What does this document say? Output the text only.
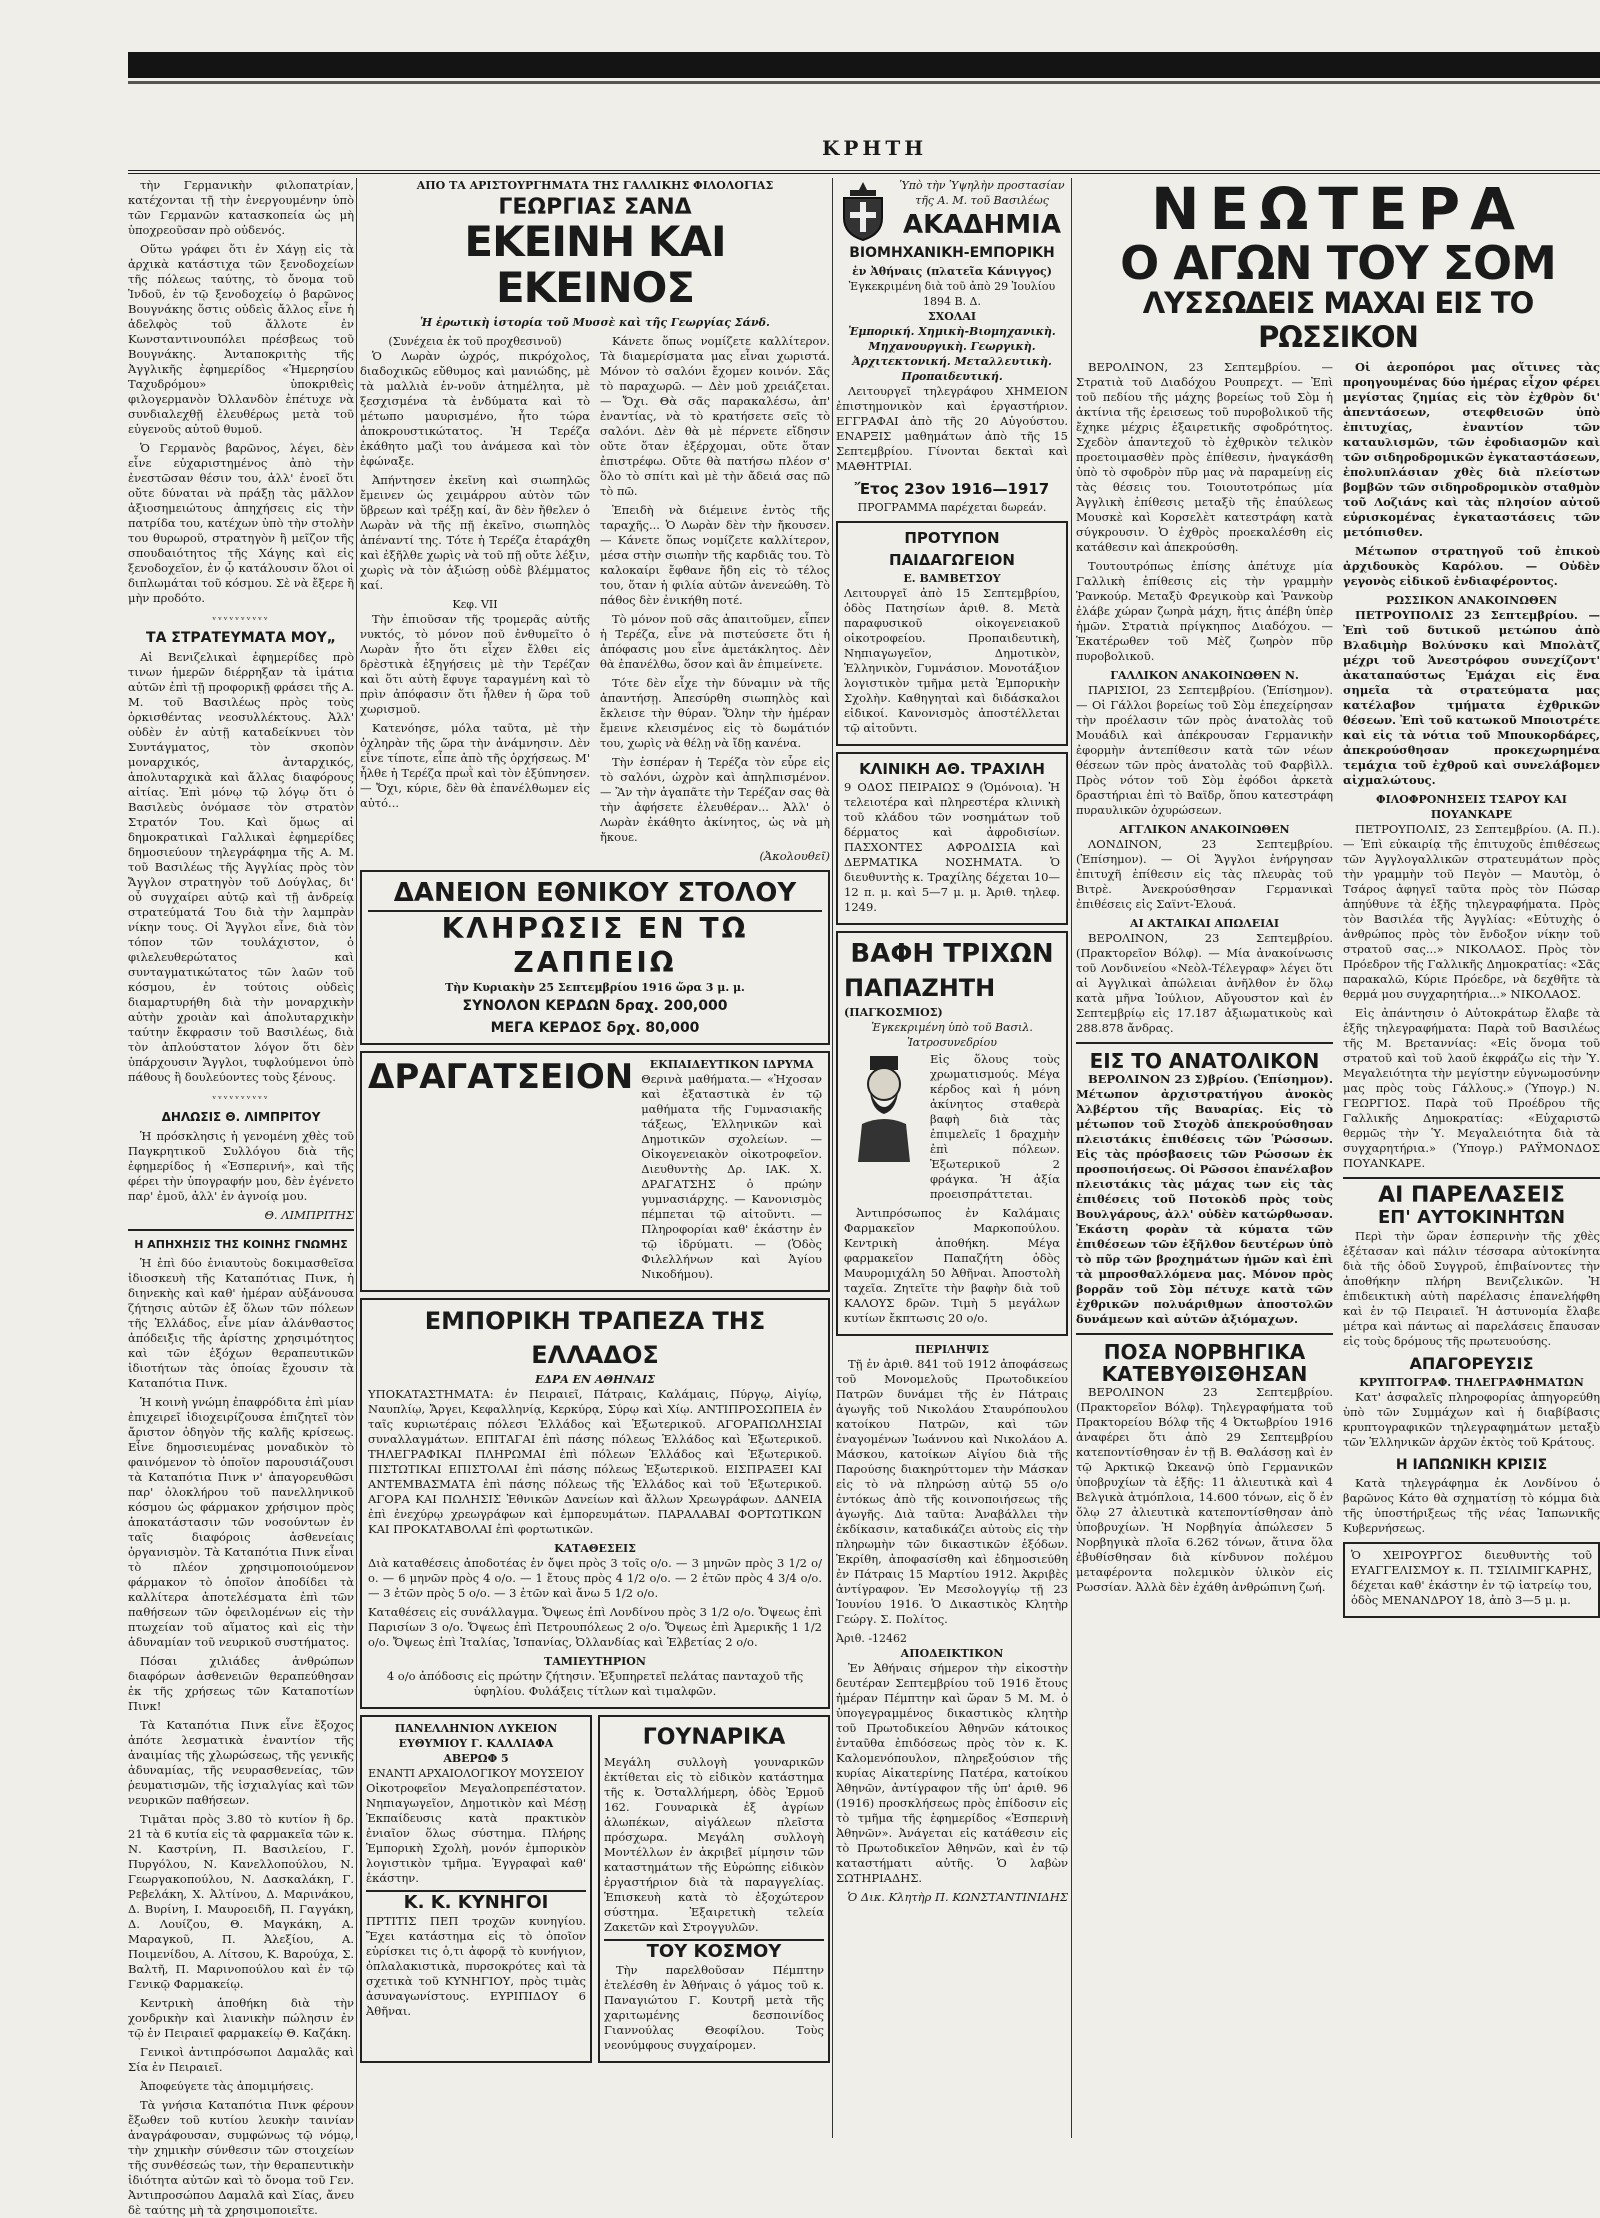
ΚΡΗΤΗ

τὴν Γερμανικὴν φιλοπατρίαν, κατέχονται τῇ τὴν ἐνεργουμένην ὑπὸ τῶν Γερμανῶν κατασκοπεία ὡς μὴ ὑποχρεοῦσαν πρὸ οὐδενός.

Οὕτω γράφει ὅτι ἐν Χάγῃ εἰς τὰ ἀρχικὰ κατάστιχα τῶν ξενοδοχείων τῆς πόλεως ταύτης, τὸ ὄνομα τοῦ Ἰνδοῦ, ἐν τῷ ξενοδοχείῳ ὁ βαρῶνος Βουγνάκης ὅστις οὐδεὶς ἄλλος εἶνε ἡ ἀδελφὸς τοῦ ἄλλοτε ἐν Κωνσταντινουπόλει πρέσβεως τοῦ Βουγνάκης. Ἀνταποκριτὴς τῆς Ἀγγλικῆς ἐφημερίδος «Ἡμερησίου Ταχυδρόμου» ὑποκριθεὶς φιλογερμανὸν Ὀλλανδὸν ἐπέτυχε νὰ συνδιαλεχθῇ ἐλευθέρως μετὰ τοῦ εὐγενοῦς αὐτοῦ θυμοῦ.

Ὁ Γερμανὸς βαρῶνος, λέγει, δὲν εἶνε εὐχαριστημένος ἀπὸ τὴν ἐνεστῶσαν θέσιν του, ἀλλ' ἐνοεῖ ὅτι οὔτε δύναται νὰ πράξῃ τὰς μᾶλλον ἀξιοσημειώτους ἀπηχήσεις εἰς τὴν πατρίδα του, κατέχων ὑπὸ τὴν στολὴν του θυρωροῦ, στρατηγὸν ἢ μεῖζον τῆς σπουδαιότητος τῆς Χάγης καὶ εἰς ξενοδοχεῖον, ἐν ᾧ κατάλουσιν ὅλοι οἱ διπλωμάται τοῦ κόσμου. Σὲ νὰ ἔξερε ἢ μὴν προδότο.

ᵥᵥᵥᵥᵥᵥᵥᵥᵥᵥ
ΤΑ ΣΤΡΑΤΕΥΜΑΤΑ ΜΟΥ„

Αἱ Βενιζελικαὶ ἐφημερίδες πρὸ τινων ἡμερῶν διέρρηξαν τὰ ἱμάτια αὐτῶν ἐπὶ τῇ προφορικῇ φράσει τῆς Α. Μ. τοῦ Βασιλέως πρὸς τοὺς ὁρκισθέντας νεοσυλλέκτους. Ἀλλ' οὐδὲν ἐν αὐτῇ καταδείκνυει τὸν Συντάγματος, τὸν σκοπὸν μοναρχικός, ἀνταρχικός, ἀπολυταρχικὰ καὶ ἄλλας διαφόρους αἰτίας. Ἐπὶ μόνῳ τῷ λόγῳ ὅτι ὁ Βασιλεὺς ὀνόμασε τὸν στρατὸν Στρατόν Του. Καὶ ὅμως αἱ δημοκρατικαὶ Γαλλικαὶ ἐφημερίδες δημοσιεύουν τηλεγράφημα τῆς Α. Μ. τοῦ Βασιλέως τῆς Ἀγγλίας πρὸς τὸν Ἄγγλον στρατηγὸν τοῦ Δούγλας, δι' οὗ συγχαίρει αὐτῷ καὶ τῇ ἀνδρείᾳ στρατεύματά Του διὰ τὴν λαμπρὰν νίκην τους. Οἱ Ἄγγλοι εἶνε, διὰ τὸν τόπον τῶν τουλάχιστον, ὁ φιλελευθερώτατος καὶ συνταγματικώτατος τῶν λαῶν τοῦ κόσμου, ἐν τούτοις οὐδεὶς διαμαρτυρήθη διὰ τὴν μοναρχικὴν αὐτὴν χροιὰν καὶ ἀπολυταρχικὴν ταύτην ἔκφρασιν τοῦ Βασιλέως, διὰ τὸν ἀπλούστατον λόγον ὅτι δὲν ὑπάρχουσιν Ἄγγλοι, τυφλούμενοι ὑπὸ πάθους ἢ δουλεύοντες τοὺς ξένους.

ᵥᵥᵥᵥᵥᵥᵥᵥᵥᵥ
ΔΗΛΩΣΙΣ Θ. ΛΙΜΠΡΙΤΟΥ

Ἡ πρόσκλησις ἡ γενομένη χθὲς τοῦ Παγκρητικοῦ Συλλόγου διὰ τῆς ἐφημερίδος ἡ «Ἑσπερινή», καὶ τῆς φέρει τὴν ὑπογραφήν μου, δὲν ἐγένετο παρ' ἐμοῦ, ἀλλ' ἐν ἀγνοίᾳ μου.

Θ. ΛΙΜΠΡΙΤΗΣ
Η ΑΠΗΧΗΣΙΣ ΤΗΣ ΚΟΙΝΗΣ ΓΝΩΜΗΣ

Ἡ ἐπὶ δύο ἐνιαυτοὺς δοκιμασθεῖσα ἰδιοσκευὴ τῆς Καταπότιας Πινκ, ἡ διηνεκὴς καὶ καθ' ἡμέραν αὐξάνουσα ζήτησις αὐτῶν ἐξ ὅλων τῶν πόλεων τῆς Ἑλλάδος, εἶνε μίαν ἀλάνθαστος ἀπόδειξις τῆς ἀρίστης χρησιμότητος καὶ τῶν ἐξόχων θεραπευτικῶν ἰδιοτήτων τὰς ὁποίας ἔχουσιν τὰ Καταπότια Πινκ.

Ἡ κοινὴ γνώμη ἐπαφρόδιτα ἐπὶ μίαν ἐπιχειρεῖ ἰδιοχειρίζουσα ἐπιζητεῖ τὸν ἄριστον ὁδηγὸν τῆς καλῆς κρίσεως. Εἶνε δημοσιευμένας μοναδικὸν τὸ φαινόμενον τὸ ὁποῖον παρουσιάζουσι τὰ Καταπότια Πινκ ν' ἀπαγορευθῶσι παρ' ὁλοκλήρου τοῦ πανελληνικοῦ κόσμου ὡς φάρμακον χρήσιμον πρὸς ἀποκατάστασιν τῶν νοσούντων ἐν ταῖς διαφόροις ἀσθενείαις ὀργανισμὸν. Τὰ Καταπότια Πινκ εἶναι τὸ πλέον χρησιμοποιούμενον φάρμακον τὸ ὁποῖον ἀποδίδει τὰ καλλίτερα ἀποτελέσματα ἐπὶ τῶν παθήσεων τῶν ὀφειλομένων εἰς τὴν πτωχείαν τοῦ αἵματος καὶ εἰς τὴν ἀδυναμίαν τοῦ νευρικοῦ συστήματος.

Πόσαι χιλιάδες ἀνθρώπων διαφόρων ἀσθενειῶν θεραπεύθησαν ἐκ τῆς χρήσεως τῶν Καταποτίων Πινκ!

Τὰ Καταπότια Πινκ εἶνε ἔξοχος ἀπότε λεσματικὰ ἐναντίον τῆς ἀναιμίας τῆς χλωρώσεως, τῆς γενικῆς ἀδυναμίας, τῆς νευρασθενείας, τῶν ῥευματισμῶν, τῆς ἰσχιαλγίας καὶ τῶν νευρικῶν παθήσεων.

Τιμᾶται πρὸς 3.80 τὸ κυτίον ἢ δρ. 21 τὰ 6 κυτία εἰς τὰ φαρμακεῖα τῶν κ. Ν. Καστρίνη, Π. Βασιλείου, Γ. Πυργόλου, Ν. Κανελλοπούλου, Ν. Γεωργακοπούλου, Ν. Δασκαλάκη, Γ. Ρεβελάκη, Χ. Ἀλτίνου, Δ. Μαρινάκου, Δ. Βυρίνη, Ι. Μαυροειδῆ, Π. Γαγγάκη, Δ. Λουίζου, Θ. Μαγκάκη, Α. Μαραγκοῦ, Π. Ἀλεξίου, Α. Ποιμενίδου, Α. Λίτσου, Κ. Βαρούχα, Σ. Βαλτῆ, Π. Μαρινοπούλου καὶ ἐν τῷ Γενικῷ Φαρμακείῳ.

Κεντρικὴ ἀποθήκη διὰ τὴν χονδρικὴν καὶ λιανικὴν πώλησιν ἐν τῷ ἐν Πειραιεῖ φαρμακείῳ Θ. Καζάκη.

Γενικοὶ ἀντιπρόσωποι Δαμαλᾶς καὶ Σία ἐν Πειραιεῖ.

Ἀποφεύγετε τὰς ἀπομιμήσεις.

Τὰ γνήσια Καταπότια Πινκ φέρουν ἔξωθεν τοῦ κυτίου λευκὴν ταινίαν ἀναγράφουσαν, συμφώνως τῷ νόμῳ, τὴν χημικὴν σύνθεσιν τῶν στοιχείων τῆς συνθέσεώς των, τὴν θεραπευτικὴν ἰδιότητα αὐτῶν καὶ τὸ ὄνομα τοῦ Γεν. Ἀντιπροσώπου Δαμαλᾶ καὶ Σίας, ἄνευ δὲ ταύτης μὴ τὰ χρησιμοποιεῖτε.

ΑΠΟ ΤΑ ΑΡΙΣΤΟΥΡΓΗΜΑΤΑ ΤΗΣ ΓΑΛΛΙΚΗΣ ΦΙΛΟΛΟΓΙΑΣ
ΓΕΩΡΓΙΑΣ ΣΑΝΔ
ΕΚΕΙΝΗ ΚΑΙ ΕΚΕΙΝΟΣ
Ἡ ἐρωτικὴ ἱστορία τοῦ Μυσσὲ καὶ τῆς Γεωργίας Σάνδ.
(Συνέχεια ἐκ τοῦ προχθεσινοῦ)

Ὁ Λωρὰν ὠχρός, πικρόχολος, διαδοχικῶς εὔθυμος καὶ μανιώδης, μὲ τὰ μαλλιὰ ἐν-νοῦν ἀτημέλητα, μὲ ξεσχισμένα τὰ ἐνδύματα καὶ τὸ μέτωπο μαυρισμένο, ἦτο τώρα ἀποκρουστικώτατος. Ἡ Τερέζα ἐκάθητο μαζὶ του ἀνάμεσα καὶ τὸν ἐφώναξε.

Ἀπήντησεν ἐκεῖνη καὶ σιωπηλῶς ἔμεινεν ὡς χειμάρρου αὐτὸν τῶν ὕβρεων καὶ τρέξῃ καί, ἂν δὲν ἤθελεν ὁ Λωρὰν νὰ τῆς πῇ ἐκεῖνο, σιωπηλὸς ἀπέναντί της. Τότε ἡ Τερέζα ἐταράχθη καὶ ἐξῆλθε χωρὶς νὰ τοῦ πῇ οὔτε λέξιν, χωρὶς νὰ τὸν ἀξιώσῃ οὐδὲ βλέμματος καί.

Κεφ. VII

Τὴν ἐπιοῦσαν τῆς τρομερᾶς αὐτῆς νυκτός, τὸ μόνον ποῦ ἐνθυμεῖτο ὁ Λωρὰν ἦτο ὅτι εἶχεν ἔλθει εἰς δρὲστικὰ ἐξηγήσεις μὲ τὴν Τερέζαν καὶ ὅτι αὐτὴ ἔφυγε ταραγμένη καὶ τὸ πρὶν ἀπόφασιν ὅτι ἦλθεν ἡ ὥρα τοῦ χωρισμοῦ.

Κατενόησε, μόλα ταῦτα, μὲ τὴν ὀχληρὰν τῆς ὥρα τὴν ἀνάμνησιν. Δὲν εἶνε τίποτε, εἶπε ἀπὸ τῆς ὀρχήσεως. Μ' ἦλθε ἡ Τερέζα πρωῒ καὶ τὸν ἐξύπνησεν. — Ὄχι, κύριε, δὲν θὰ ἐπανέλθωμεν εἰς αὐτό...

Κάνετε ὅπως νομίζετε καλλίτερον. Τὰ διαμερίσματα μας εἶναι χωριστά. Μόνον τὸ σαλόνι ἔχομεν κοινόν. Σᾶς τὸ παραχωρῶ. — Δὲν μοῦ χρειάζεται. — Ὄχι. Θὰ σᾶς παρακαλέσω, ἀπ' ἐναντίας, νὰ τὸ κρατήσετε σεῖς τὸ σαλόνι. Δὲν θὰ μὲ πέρνετε εἴδησιν οὔτε ὅταν ἐξέρχομαι, οὔτε ὅταν ἐπιστρέφω. Οὔτε θὰ πατήσω πλέον σ' ὅλο τὸ σπίτι καὶ μὲ τὴν ἄδειά σας πῶ τὸ πῶ.

Ἐπειδὴ νὰ διέμεινε ἐντὸς τῆς ταραχῆς... Ὁ Λωρὰν δὲν τὴν ἤκουσεν. — Κάνετε ὅπως νομίζετε καλλίτερον, μέσα στὴν σιωπὴν τῆς καρδιᾶς του. Τὸ καλοκαίρι ἔφθανε ἤδη εἰς τὸ τέλος του, ὅταν ἡ φιλία αὐτῶν ἀνενεώθη. Τὸ πάθος δὲν ἐνικήθη ποτέ.

Τὸ μόνον ποῦ σᾶς ἀπαιτοῦμεν, εἶπεν ἡ Τερέζα, εἶνε νὰ πιστεύσετε ὅτι ἡ ἀπόφασις μου εἶνε ἀμετάκλητος. Δὲν θὰ ἐπανέλθω, ὅσον καὶ ἂν ἐπιμείνετε.

Τότε δὲν εἶχε τὴν δύναμιν νὰ τῆς ἀπαντήσῃ. Ἀπεσύρθη σιωπηλὸς καὶ ἔκλεισε τὴν θύραν. Ὅλην τὴν ἡμέραν ἔμεινε κλεισμένος εἰς τὸ δωμάτιόν του, χωρὶς νὰ θέλῃ νὰ ἴδῃ κανένα.

Τὴν ἑσπέραν ἡ Τερέζα τὸν εὗρε εἰς τὸ σαλόνι, ὠχρὸν καὶ ἀπηλπισμένον. — Ἂν τὴν ἀγαπᾶτε τὴν Τερέζαν σας θὰ τὴν ἀφήσετε ἐλευθέραν... Ἀλλ' ὁ Λωρὰν ἐκάθητο ἀκίνητος, ὡς νὰ μὴ ἤκουε.

(Ἀκολουθεῖ)
ΔΑΝΕΙΟΝ ΕΘΝΙΚΟΥ ΣΤΟΛΟΥ
ΚΛΗΡΩΣΙΣ ΕΝ ΤΩ ΖΑΠΠΕΙΩ
Τὴν Κυριακὴν 25 Σεπτεμβρίου 1916 ὥρα 3 μ. μ.
ΣΥΝΟΛΟΝ ΚΕΡΔΩΝ δραχ. 200,000
ΜΕΓΑ ΚΕΡΔΟΣ δρχ. 80,000
ΔΡΑΓΑΤΣΕΙΟΝ	ΕΚΠΑΙΔΕΥΤΙΚΟΝ ΙΔΡΥΜΑ

Θερινὰ μαθήματα.— «Ἠχοσαν καὶ ἐξαταστικὰ ἐν τῷ μαθήματα τῆς Γυμνασιακῆς τάξεως, Ἑλληνικῶν καὶ Δημοτικῶν σχολείων. — Οἰκογενειακὸν οἰκοτροφεῖον. Διευθυντὴς Δρ. ΙΑΚ. Χ. ΔΡΑΓΑΤΣΗΣ ὁ πρώην γυμνασιάρχης. — Κανονισμὸς πέμπεται τῷ αἰτοῦντι. — Πληροφορίαι καθ' ἑκάστην ἐν τῷ ἰδρύματι. — (Ὁδὸς Φιλελλήνων καὶ Ἀγίου Νικοδήμου).

ΕΜΠΟΡΙΚΗ ΤΡΑΠΕΖΑ ΤΗΣ ΕΛΛΑΔΟΣ
ΕΔΡΑ ΕΝ ΑΘΗΝΑΙΣ

ΥΠΟΚΑΤΑΣΤΗΜΑΤΑ: ἐν Πειραιεῖ, Πάτραις, Καλάμαις, Πύργῳ, Αἰγίῳ, Ναυπλίῳ, Ἄργει, Κεφαλληνίᾳ, Κερκύρᾳ, Σύρῳ καὶ Χίῳ. ΑΝΤΙΠΡΟΣΩΠΕΙΑ ἐν ταῖς κυριωτέραις πόλεσι Ἑλλάδος καὶ Ἐξωτερικοῦ. ΑΓΟΡΑΠΩΛΗΣΙΑΙ συναλλαγμάτων. ΕΠΙΤΑΓΑΙ ἐπὶ πάσης πόλεως Ἑλλάδος καὶ Ἐξωτερικοῦ. ΤΗΛΕΓΡΑΦΙΚΑΙ ΠΛΗΡΩΜΑΙ ἐπὶ πόλεων Ἑλλάδος καὶ Ἐξωτερικοῦ. ΠΙΣΤΩΤΙΚΑΙ ΕΠΙΣΤΟΛΑΙ ἐπὶ πάσης πόλεως Ἐξωτερικοῦ. ΕΙΣΠΡΑΞΕΙ ΚΑΙ ΑΝΤΕΜΒΑΣΜΑΤΑ ἐπὶ πάσης πόλεως τῆς Ἑλλάδος καὶ τοῦ Ἐξωτερικοῦ. ΑΓΟΡΑ ΚΑΙ ΠΩΛΗΣΙΣ Ἐθνικῶν Δανείων καὶ ἄλλων Χρεωγράφων. ΔΑΝΕΙΑ ἐπὶ ἐνεχύρῳ χρεωγράφων καὶ ἐμπορευμάτων. ΠΑΡΑΛΑΒΑΙ ΦΟΡΤΩΤΙΚΩΝ ΚΑΙ ΠΡΟΚΑΤΑΒΟΛΑΙ ἐπὶ φορτωτικῶν.

ΚΑΤΑΘΕΣΕΙΣ

Διὰ καταθέσεις ἀποδοτέας ἐν ὄψει πρὸς 3 τοῖς ο/ο. — 3 μηνῶν πρὸς 3 1/2 ο/ο. — 6 μηνῶν πρὸς 4 ο/ο. — 1 ἔτους πρὸς 4 1/2 ο/ο. — 2 ἐτῶν πρὸς 4 3/4 ο/ο. — 3 ἐτῶν πρὸς 5 ο/ο. — 3 ἐτῶν καὶ ἄνω 5 1/2 ο/ο.

Καταθέσεις εἰς συνάλλαγμα. Ὄψεως ἐπὶ Λονδίνου πρὸς 3 1/2 ο/ο. Ὄψεως ἐπὶ Παρισίων 3 ο/ο. Ὄψεως ἐπὶ Πετρουπόλεως 2 ο/ο. Ὄψεως ἐπὶ Ἀμερικῆς 1 1/2 ο/ο. Ὄψεως ἐπὶ Ἰταλίας, Ἰσπανίας, Ὀλλανδίας καὶ Ἑλβετίας 2 ο/ο.

ΤΑΜΙΕΥΤΗΡΙΟΝ

4 ο/ο ἀπόδοσις εἰς πρώτην ζήτησιν. Ἐξυπηρετεῖ πελάτας πανταχοῦ τῆς ὑφηλίου. Φυλάξεις τίτλων καὶ τιμαλφῶν.

ΠΑΝΕΛΛΗΝΙΟΝ ΛΥΚΕΙΟΝ
ΕΥΘΥΜΙΟΥ Γ. ΚΑΛΛΙΑΦΑ
ΑΒΕΡΩΦ 5
ΕΝΑΝΤΙ ΑΡΧΑΙΟΛΟΓΙΚΟΥ ΜΟΥΣΕΙΟΥ

Οἰκοτροφεῖον Μεγαλοπρεπέστατον. Νηπιαγωγεῖον, Δημοτικὸν καὶ Μέσῃ Ἐκπαίδευσις κατὰ πρακτικὸν ἐνιαῖον ὅλως σύστημα. Πλήρης Ἐμπορικὴ Σχολὴ, μονόν ἐμπορικὸν λογιστικὸν τμῆμα. Ἐγγραφαὶ καθ' ἑκάστην.

Κ. Κ. ΚΥΝΗΓΟΙ

ΠΡΤΙΤΙΣ ΠΕΠ τροχῶν κυνηγίου. Ἔχει κατάστημα εἰς τὸ ὁποῖον εὑρίσκει τις ὁ,τι ἀφορᾷ τὸ κυνήγιον, ὀπλαλακιστικὰ, πυρσοκρότες καὶ τὰ σχετικὰ τοῦ ΚΥΝΗΓΙΟΥ, πρὸς τιμὰς ἀσυναγωνίστους. ΕΥΡΙΠΙΔΟΥ 6 Ἀθῆναι.

ΓΟΥΝΑΡΙΚΑ

Μεγάλη συλλογὴ γουναρικῶν ἐκτίθεται εἰς τὸ εἰδικὸν κατάστημα τῆς κ. Ὀσταλλήμερη, ὁδὸς Ἑρμοῦ 162. Γουναρικὰ ἐξ ἀγρίων ἀλωπέκων, αἰγάλεων πλεῖστα πρόσχωρα. Μεγάλη συλλογὴ Μοντέλλων ἐν ἀκριβεῖ μίμησιν τῶν καταστημάτων τῆς Εὐρώπης εἰδικὸν ἐργαστήριον διὰ τὰ παραγγελίας. Ἐπισκευὴ κατὰ τὸ ἐξοχώτερον σύστημα. Ἐξαιρετικὴ τελεία Ζακετῶν καὶ Στρογγυλῶν.

ΤΟΥ ΚΟΣΜΟΥ

Τὴν παρελθοῦσαν Πέμπτην ἐτελέσθη ἐν Ἀθήναις ὁ γάμος τοῦ κ. Παναγιώτου Γ. Κουτρῆ μετὰ τῆς χαριτωμένης δεσποινίδος Γιαννούλας Θεοφίλου. Τοὺς νεονύμφους συγχαίρομεν.

Ὑπὸ τὴν Ὑψηλὴν προστασίαν τῆς Α. Μ. τοῦ Βασιλέως
ΑΚΑΔΗΜΙΑ
ΒΙΟΜΗΧΑΝΙΚΗ-ΕΜΠΟΡΙΚΗ
ἐν Ἀθήναις (πλατεῖα Κάνιγγος)
Ἐγκεκριμένη διὰ τοῦ ἀπὸ 29 Ἰουλίου 1894 Β. Δ.
ΣΧΟΛΑΙ
Ἐμπορική. Χημικὴ-Βιομηχανικὴ. Μηχανουργικὴ. Γεωργικὴ. Ἀρχιτεκτονική. Μεταλλευτικὴ. Προπαιδευτική.

Λειτουργεῖ τηλεγράφου ΧΗΜΕΙΟΝ ἐπιστημονικὸν καὶ ἐργαστήριον. ΕΓΓΡΑΦΑΙ ἀπὸ τῆς 20 Αὐγούστου. ΕΝΑΡΞΙΣ μαθημάτων ἀπὸ τῆς 15 Σεπτεμβρίου. Γίνονται δεκταὶ καὶ ΜΑΘΗΤΡΙΑΙ.

Ἔτος 23ον 1916—1917
ΠΡΟΓΡΑΜΜΑ παρέχεται δωρεάν.
ΠΡΟΤΥΠΟΝ ΠΑΙΔΑΓΩΓΕΙΟΝ
Ε. ΒΑΜΒΕΤΣΟΥ

Λειτουργεῖ ἀπὸ 15 Σεπτεμβρίου, ὁδὸς Πατησίων ἀριθ. 8. Μετὰ παραφυσικοῦ οἰκογενειακοῦ οἰκοτροφείου. Προπαιδευτικὴ, Νηπιαγωγεῖον, Δημοτικὸν, Ἑλληνικὸν, Γυμνάσιον. Μονοτάξιον λογιστικὸν τμῆμα μετὰ Ἐμπορικὴν Σχολὴν. Καθηγηταὶ καὶ διδάσκαλοι εἰδικοί. Κανονισμὸς ἀποστέλλεται τῷ αἰτοῦντι.

ΚΛΙΝΙΚΗ ΑΘ. ΤΡΑΧΙΛΗ

9 ΟΔΟΣ ΠΕΙΡΑΙΩΣ 9 (Ὁμόνοια). Ἡ τελειοτέρα καὶ πληρεστέρα κλινικὴ τοῦ κλάδου τῶν νοσημάτων τοῦ δέρματος καὶ ἀφροδισίων. ΠΑΣΧΟΝΤΕΣ ΑΦΡΟΔΙΣΙΑ καὶ ΔΕΡΜΑΤΙΚΑ ΝΟΣΗΜΑΤΑ. Ὁ διευθυντὴς κ. Τραχίλης δέχεται 10—12 π. μ. καὶ 5—7 μ. μ. Ἀριθ. τηλεφ. 1249.

ΒΑΦΗ ΤΡΙΧΩΝ
ΠΑΠΑΖΗΤΗ (ΠΑΓΚΟΣΜΙΟΣ)
Ἐγκεκριμένη ὑπὸ τοῦ Βασιλ. Ἰατροσυνεδρίου

Εἰς ὅλους τοὺς χρωματισμούς. Μέγα κέρδος καὶ ἡ μόνη ἀκίνητος σταθερὰ βαφὴ διὰ τὰς ἐπιμελεῖς 1 δραχμὴν ἐπὶ πόλεων. Ἐξωτερικοῦ 2 φράγκα. Ἡ ἀξία προεισπράττεται.

Ἀντιπρόσωπος ἐν Καλάμαις Φαρμακεῖον Μαρκοπούλου. Κεντρικὴ ἀποθήκη. Μέγα φαρμακεῖον Παπαζήτη ὁδὸς Μαυρομιχάλη 50 Ἀθῆναι. Ἀποστολὴ ταχεῖα. Ζητεῖτε τὴν βαφὴν διὰ τοῦ ΚΑΛΟΥΣ δρῶν. Τιμὴ 5 μεγάλων κυτίων ἔκπτωσις 20 ο/ο.

ΠΕΡΙΛΗΨΙΣ

Τῇ ἐν ἀριθ. 841 τοῦ 1912 ἀποφάσεως τοῦ Μονομελοῦς Πρωτοδικείου Πατρῶν δυνάμει τῆς ἐν Πάτραις ἀγωγῆς τοῦ Νικολάου Σταυρόπουλου κατοίκου Πατρῶν, καὶ τῶν ἐναγομένων Ἰωάννου καὶ Νικολάου Α. Μάσκου, κατοίκων Αἰγίου διὰ τῆς Παρούσης διακηρύττομεν τὴν Μάσκαν εἰς τὸ νὰ πληρώσῃ αὐτῷ 55 ο/ο ἐντόκως ἀπὸ τῆς κοινοποιήσεως τῆς ἀγωγῆς. Διὰ ταῦτα: Ἀναβάλλει τὴν ἐκδίκασιν, καταδικάζει αὐτοὺς εἰς τὴν πληρωμὴν τῶν δικαστικῶν ἐξόδων. Ἐκρίθη, ἀποφασίσθη καὶ ἐδημοσιεύθη ἐν Πάτραις 15 Μαρτίου 1912. Ἀκριβὲς ἀντίγραφον. Ἐν Μεσολογγίῳ τῇ 23 Ἰουνίου 1916. Ὁ Δικαστικὸς Κλητὴρ Γεώργ. Σ. Πολίτος.

Ἀριθ. -12462
ΑΠΟΔΕΙΚΤΙΚΟΝ

Ἐν Ἀθήναις σήμερον τὴν εἰκοστὴν δευτέραν Σεπτεμβρίου τοῦ 1916 ἔτους ἡμέραν Πέμπτην καὶ ὥραν 5 Μ. Μ. ὁ ὑπογεγραμμένος δικαστικὸς κλητὴρ τοῦ Πρωτοδικείου Ἀθηνῶν κάτοικος ἐνταῦθα ἐπιδόσεως πρὸς τὸν κ. Κ. Καλομενόπουλον, πληρεξούσιον τῆς κυρίας Αἰκατερίνης Πατέρα, κατοίκου Ἀθηνῶν, ἀντίγραφον τῆς ὑπ' ἀριθ. 96 (1916) προσκλήσεως πρὸς ἐπίδοσιν εἰς τὸ τμῆμα τῆς ἐφημερίδος «Ἑσπερινὴ Ἀθηνῶν». Ἀνάγεται εἰς κατάθεσιν εἰς τὸ Πρωτοδικεῖον Ἀθηνῶν, καὶ ἐν τῷ καταστήματι αὐτῆς. Ὁ λαβὼν ΣΩΤΗΡΙΑΔΗΣ.

Ὁ Δικ. Κλητὴρ Π. ΚΩΝΣΤΑΝΤΙΝΙΔΗΣ
ΝΕΩΤΕΡΑ
Ο ΑΓΩΝ ΤΟΥ ΣΟΜ
ΛΥΣΣΩΔΕΙΣ ΜΑΧΑΙ ΕΙΣ ΤΟ ΡΩΣΣΙΚΟΝ

ΒΕΡΟΛΙΝΟΝ, 23 Σεπτεμβρίου. — Στρατιὰ τοῦ Διαδόχου Ρουπρεχτ. — Ἐπὶ τοῦ πεδίου τῆς μάχης βορείως τοῦ Σὸμ ἡ ἀκτίνια τῆς ἐρεισεως τοῦ πυροβολικοῦ τῆς ἔχηκε μέχρις ἐξαιρετικῆς σφοδρότητος. Σχεδὸν ἀπαντεχοῦ τὸ ἐχθρικὸν τελικὸν προετοιμασθὲν πρὸς ἐπίθεσιν, ἠναγκάσθη ὑπὸ τὸ σφοδρὸν πῦρ μας νὰ παραμείνῃ εἰς τὰς θέσεις του. Τοιουτοτρόπως μία Ἀγγλικὴ ἐπίθεσις μεταξὺ τῆς ἐπαύλεως Μουσκὲ καὶ Κορσελὲτ κατεστράφη κατὰ σύγκρουσιν. Ὁ ἐχθρὸς προεκαλέσθη εἰς κατάθεσιν καὶ ἀπεκρούσθη.

Τουτουτρόπως ἐπίσης ἀπέτυχε μία Γαλλικὴ ἐπίθεσις εἰς τὴν γραμμὴν Ῥανκούρ. Μεταξὺ Φρεγικοὺρ καὶ Ῥανκοὺρ ἐλάβε χώραν ζωηρὰ μάχη, ἥτις ἀπέβη ὑπὲρ ἡμῶν. Στρατιὰ πρίγκηπος Διαδόχου. — Ἐκατέρωθεν τοῦ Μὲζ ζωηρὸν πῦρ πυροβολικοῦ.

ΓΑΛΛΙΚΟΝ ΑΝΑΚΟΙΝΩΘΕΝ Ν.

ΠΑΡΙΣΙΟΙ, 23 Σεπτεμβρίου. (Ἐπίσημον). — Οἱ Γάλλοι βορείως τοῦ Σὸμ ἐπεχείρησαν τὴν προέλασιν τῶν πρὸς ἀνατολὰς τοῦ Μουάδιλ καὶ ἀπέκρουσαν Γερμανικὴν ἐφορμὴν ἀντεπίθεσιν κατὰ τῶν νέων θέσεων τῶν πρὸς ἀνατολὰς τοῦ Φαρβὶλλ. Πρὸς νότον τοῦ Σὸμ ἐφόδοι ἀρκετὰ δραστήριαι ἐπὶ τὸ Βαϊδρ, ὅπου κατεστράφη πυραυλικῶν ὀχυρώσεων.

ΑΓΓΛΙΚΟΝ ΑΝΑΚΟΙΝΩΘΕΝ

ΛΟΝΔΙΝΟΝ, 23 Σεπτεμβρίου. (Ἐπίσημον). — Οἱ Ἄγγλοι ἐνήργησαν ἐπιτυχῆ ἐπίθεσιν εἰς τὰς πλευρὰς τοῦ Βιτρὲ. Ἀνεκρούσθησαν Γερμανικαὶ ἐπιθέσεις εἰς Σαϊντ-Ἐλουά.

ΑΙ ΑΚΤΑΙΚΑΙ ΑΠΩΛΕΙΑΙ

ΒΕΡΟΛΙΝΟΝ, 23 Σεπτεμβρίου. (Πρακτορεῖον Βόλφ). — Μία ἀνακοίνωσις τοῦ Λονδινείου «Νεὸλ-Τέλεγραφ» λέγει ὅτι αἱ Ἀγγλικαὶ ἀπώλειαι ἀνῆλθον ἐν ὅλῳ κατὰ μῆνα Ἰούλιον, Αὔγουστον καὶ ἐν Σεπτεμβρίῳ εἰς 17.187 ἀξιωματικοὺς καὶ 288.878 ἄνδρας.

ΕΙΣ ΤΟ ΑΝΑΤΟΛΙΚΟΝ

ΒΕΡΟΛΙΝΟΝ 23 Σ)βρίου. (Ἐπίσημον). Μέτωπον ἀρχιστρατήγου ἀνοκὸς Ἀλβέρτου τῆς Βαυαρίας. Εἰς τὸ μέτωπον τοῦ Στοχὸδ ἀπεκρούσθησαν πλειστάκις ἐπιθέσεις τῶν Ῥώσσων. Εἰς τὰς πρόσβασεις τῶν Ρώσσων ἐκ προσποιήσεως. Οἱ Ρῶσσοι ἐπανέλαβον πλειστάκις τὰς μάχας των εἰς τὰς ἐπιθέσεις τοῦ Ποτοκὸδ πρὸς τοὺς Βουλγάρους, ἀλλ' οὐδὲν κατώρθωσαν. Ἐκάστη φορὰν τὰ κύματα τῶν ἐπιθέσεων τῶν ἐξῆλθον δευτέρων ὑπὸ τὸ πῦρ τῶν βροχημάτων ἡμῶν καὶ ἐπὶ τὰ μπροσθαλλόμενα μας. Μόνον πρὸς βορρᾶν τοῦ Σὸμ πέτυχε κατὰ τῶν ἐχθρικῶν πολυάριθμων ἀποστολῶν δυνάμεων καὶ αὐτῶν ἀξιόμαχων.

ΠΟΣΑ ΝΟΡΒΗΓΙΚΑ
ΚΑΤΕΒΥΘΙΣΘΗΣΑΝ

ΒΕΡΟΛΙΝΟΝ 23 Σεπτεμβρίου. (Πρακτορεῖον Βόλφ). Τηλεγραφήματα τοῦ Πρακτορείου Βόλφ τῆς 4 Ὀκτωβρίου 1916 ἀναφέρει ὅτι ἀπὸ 29 Σεπτεμβρίου κατεποντίσθησαν ἐν τῇ Β. Θαλάσσῃ καὶ ἐν τῷ Ἀρκτικῷ Ὠκεανῷ ὑπὸ Γερμανικῶν ὑποβρυχίων τὰ ἑξῆς: 11 ἀλιευτικὰ καὶ 4 Βελγικὰ ἀτμόπλοια, 14.600 τόνων, εἰς ὅ ἐν ὅλῳ 27 ἀλιευτικὰ κατεποντίσθησαν ἀπὸ ὑποβρυχίων. Ἡ Νορβηγία ἀπώλεσεν 5 Νορβηγικὰ πλοῖα 6.262 τόνων, ἅτινα ὅλα ἐβυθίσθησαν διὰ κίνδυνον πολέμου μεταφέροντα πολεμικὸν ὑλικὸν εἰς Ρωσσίαν. Ἀλλὰ δὲν ἐχάθη ἀνθρώπινη ζωή.

Οἱ ἀεροπόροι μας οἵτινες τὰς προηγουμένας δύο ἡμέρας εἶχον φέρει μεγίστας ζημίας εἰς τὸν ἐχθρὸν δι' ἀπεντάσεων, στεφθεισῶν ὑπὸ ἐπιτυχίας, ἐναντίον τῶν καταυλισμῶν, τῶν ἐφοδιασμῶν καὶ τῶν σιδηροδρομικῶν ἐγκαταστάσεων, ἐπολυπλάσιαν χθὲς διὰ πλείστων βομβῶν τῶν σιδηροδρομικὸν σταθμὸν τοῦ Λοζιάνς καὶ τὰς πλησίον αὐτοῦ εὑρισκομένας ἐγκαταστάσεις τῶν μετόπισθεν.

Μέτωπον στρατηγοῦ τοῦ ἐπικοὺ ἀρχιδουκὸς Καρόλου. — Οὐδὲν γεγονὸς εἰδικοῦ ἐνδιαφέροντος.

ΡΩΣΣΙΚΟΝ ΑΝΑΚΟΙΝΩΘΕΝ

ΠΕΤΡΟΥΠΟΛΙΣ 23 Σεπτεμβρίου. — Ἐπὶ τοῦ δυτικοῦ μετώπου ἀπὸ Βλαδιμὴρ Βολύνσκυ καὶ Μπολὰτζ μέχρι τοῦ Ἀνεστρόφου συνεχίζοντ' ἀκαταπαύστως Ἐμάχαι εἰς ἕνα σημεῖα τὰ στρατεύματα μας κατέλαβον τμήματα ἐχθρικῶν θέσεων. Ἐπὶ τοῦ κατωκοῦ Μποιοτρέτε καὶ εἰς τὰ νότια τοῦ Μπουκορδάρες, ἀπεκρούσθησαν προκεχωρημένα τεμάχια τοῦ ἐχθροῦ καὶ συνελάβομεν αἰχμαλώτους.

ΦΙΛΟΦΡΟΝΗΣΕΙΣ ΤΣΑΡΟΥ ΚΑΙ ΠΟΥΑΝΚΑΡΕ

ΠΕΤΡΟΥΠΟΛΙΣ, 23 Σεπτεμβρίου. (Α. Π.). — Ἐπὶ εὐκαιρίᾳ τῆς ἐπιτυχοῦς ἐπιθέσεως τῶν Ἀγγλογαλλικῶν στρατευμάτων πρὸς τὴν γραμμὴν τοῦ Πεγὸν — Μαυτὸμ, ὁ Τσάρος ἀφηγεῖ ταῦτα πρὸς τὸν Πώσαρ ἀπηύθυνε τὰ ἐξῆς τηλεγραφήματα. Πρὸς τὸν Βασιλέα τῆς Ἀγγλίας: «Εὐτυχὴς ὁ ἀνθρώπος πρὸς τὸν ἔνδοξον νίκην τοῦ στρατοῦ σας...» ΝΙΚΟΛΑΟΣ. Πρὸς τὸν Πρόεδρον τῆς Γαλλικῆς Δημοκρατίας: «Σᾶς παρακαλῶ, Κύριε Πρόεδρε, νὰ δεχθῆτε τὰ θερμά μου συγχαρητήρια...» ΝΙΚΟΛΑΟΣ.

Εἰς ἀπάντησιν ὁ Αὐτοκράτωρ ἔλαβε τὰ ἑξῆς τηλεγραφήματα: Παρὰ τοῦ Βασιλέως τῆς Μ. Βρεταννίας: «Εἰς ὅνομα τοῦ στρατοῦ καὶ τοῦ λαοῦ ἐκφράζω εἰς τὴν Ὑ. Μεγαλειότητα τὴν μεγίστην εὐγνωμοσύνην μας πρὸς τοὺς Γάλλους.» (Ὑπογρ.) Ν. ΓΕΩΡΓΙΟΣ. Παρὰ τοῦ Προέδρου τῆς Γαλλικῆς Δημοκρατίας: «Εὐχαριστῶ θερμῶς τὴν Ὑ. Μεγαλειότητα διὰ τὰ συγχαρητήρια.» (Ὑπογρ.) ΡΑΫΜΟΝΔΟΣ ΠΟΥΑΝΚΑΡΕ.

ΑΙ ΠΑΡΕΛΑΣΕΙΣ
ΕΠ' ΑΥΤΟΚΙΝΗΤΩΝ

Περὶ τὴν ὥραν ἑσπερινὴν τῆς χθὲς ἑξέτασαν καὶ πάλιν τέσσαρα αὐτοκίνητα διὰ τῆς ὁδοῦ Συγγροῦ, ἐπιβαίνοντες τὴν ἀποθήκην πλήρη Βενιζελικῶν. Ἡ ἐπιδεικτικὴ αὐτὴ παρέλασις ἐπανελήφθη καὶ ἐν τῷ Πειραιεῖ. Ἡ ἀστυνομία ἔλαβε μέτρα καὶ πάντως αἱ παρελάσεις ἔπαυσαν εἰς τοὺς δρόμους τῆς πρωτευούσης.

ΑΠΑΓΟΡΕΥΣΙΣ
ΚΡΥΠΤΟΓΡΑΦ. ΤΗΛΕΓΡΑΦΗΜΑΤΩΝ

Κατ' ἀσφαλεῖς πληροφορίας ἀπηγορεύθη ὑπὸ τῶν Συμμάχων καὶ ἡ διαβίβασις κρυπτογραφικῶν τηλεγραφημάτων μεταξὺ τῶν Ἑλληνικῶν ἀρχῶν ἐκτὸς τοῦ Κράτους.

Η ΙΑΠΩΝΙΚΗ ΚΡΙΣΙΣ

Κατὰ τηλεγράφημα ἐκ Λονδίνου ὁ βαρῶνος Κάτο θὰ σχηματίσῃ τὸ κόμμα διὰ τῆς ὑποστήριξεως τῆς νέας Ἰαπωνικῆς Κυβερνήσεως.

Ὁ ΧΕΙΡΟΥΡΓΟΣ διευθυντὴς τοῦ ΕΥΑΓΓΕΛΙΣΜΟΥ κ. Π. ΤΣΙΛΙΜΙΓΚΑΡΗΣ, δέχεται καθ' ἑκάστην ἐν τῷ ἰατρείῳ του, ὁδὸς ΜΕΝΑΝΔΡΟΥ 18, ἀπὸ 3—5 μ. μ.
